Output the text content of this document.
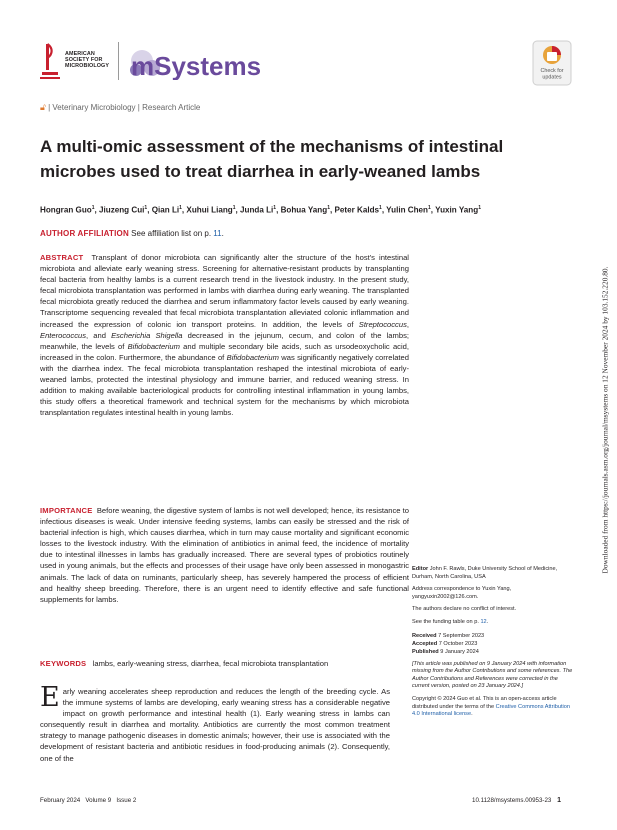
AMERICAN
SOCIETY FOR
MICROBIOLOGY mSystems	Check for
updates
🔓︎ | Veterinary Microbiology | Research Article
A multi-omic assessment of the mechanisms of intestinal microbes used to treat diarrhea in early-weaned lambs
Hongran Guo$^1$, Jiuzeng Cui$^1$, Qian Li$^1$, Xuhui Liang$^1$, Junda Li$^1$, Bohua Yang$^1$, Peter Kalds$^1$, Yulin Chen$^1$, Yuxin Yang$^1$
AUTHOR AFFILIATION See affiliation list on p. 11.

ABSTRACT Transplant of donor microbiota can significantly alter the structure of the host's intestinal microbiota and alleviate early weaning stress. Screening for alternative-resistant products by transplanting fecal bacteria from healthy lambs is a current research trend in the livestock industry. In the present study, fecal microbiota transplantation was performed in lambs with diarrhea during early weaning. The transplanted fecal microbiota greatly reduced the diarrhea and serum inflammatory factor levels caused by early weaning. Transcriptome sequencing revealed that fecal microbiota transplantation alleviated colonic inflammation and increased the expression of colonic ion transport proteins. In addition, the levels of Streptococcus, Enterococcus, and Escherichia Shigella decreased in the jejunum, cecum, and colon of the lambs; meanwhile, the levels of Bifidobacterium and multiple secondary bile acids, such as ursodeoxycholic acid, increased in the colon. Furthermore, the abundance of Bifidobacterium was significantly negatively correlated with the diarrhea index. The fecal microbiota transplantation reshaped the intestinal microbiota of early-weaned lambs, protected the intestinal physiology and immune barrier, and reduced weaning stress. In addition to making available bacteriological products for controlling intestinal inflammation in young lambs, this study offers a theoretical framework and technical system for the mechanisms by which microbiota transplantation regulates intestinal health in young lambs.

IMPORTANCE Before weaning, the digestive system of lambs is not well developed; hence, its resistance to infectious diseases is weak. Under intensive feeding systems, lambs can easily be stressed and the risk of bacterial infection is high, which causes diarrhea, which in turn may cause mortality and significant economic losses to the livestock industry. With the elimination of antibiotics in animal feed, the incidence of mortality due to intestinal illnesses in lambs has gradually increased. There are several types of probiotics routinely used in young animals, but the effects and processes of their usage have only been assessed in monogastric animals. The lack of data on ruminants, particularly sheep, has severely hampered the process of efficient and healthy sheep breeding. Therefore, there is an urgent need to identify effective and safe functional supplements for lambs.

KEYWORDS lambs, early-weaning stress, diarrhea, fecal microbiota transplantation

Early weaning accelerates sheep reproduction and reduces the length of the breeding cycle. As the immune systems of lambs are developing, early weaning stress has a considerable negative impact on growth performance and intestinal health (1). Early weaning stress in lambs can consequently result in diarrhea and mortality. Antibiotics are currently the most common treatment strategy to manage pathogenic diseases in domestic animals; however, their use is associated with the development of resistant bacteria and antibiotic residues in food-producing animals (2). Consequently, one of the

Editor John F. Rawls, Duke University School of Medicine, Durham, North Carolina, USA

Address correspondence to Yuxin Yang, yangyuxin2002@126.com.

The authors declare no conflict of interest.

See the funding table on p. 12.

Received 7 September 2023
Accepted 7 October 2023
Published 9 January 2024

[This article was published on 9 January 2024 with information missing from the Author Contributions and some references. The Author Contributions and References were corrected in the current version, posted on 23 January 2024.]

Copyright © 2024 Guo et al. This is an open-access article distributed under the terms of the Creative Commons Attribution 4.0 International license.

February 2024   Volume 9   Issue 2	10.1128/msystems.00953-23 1
Downloaded from https://journals.asm.org/journal/msystems on 12 November 2024 by 103.152.220.80.
